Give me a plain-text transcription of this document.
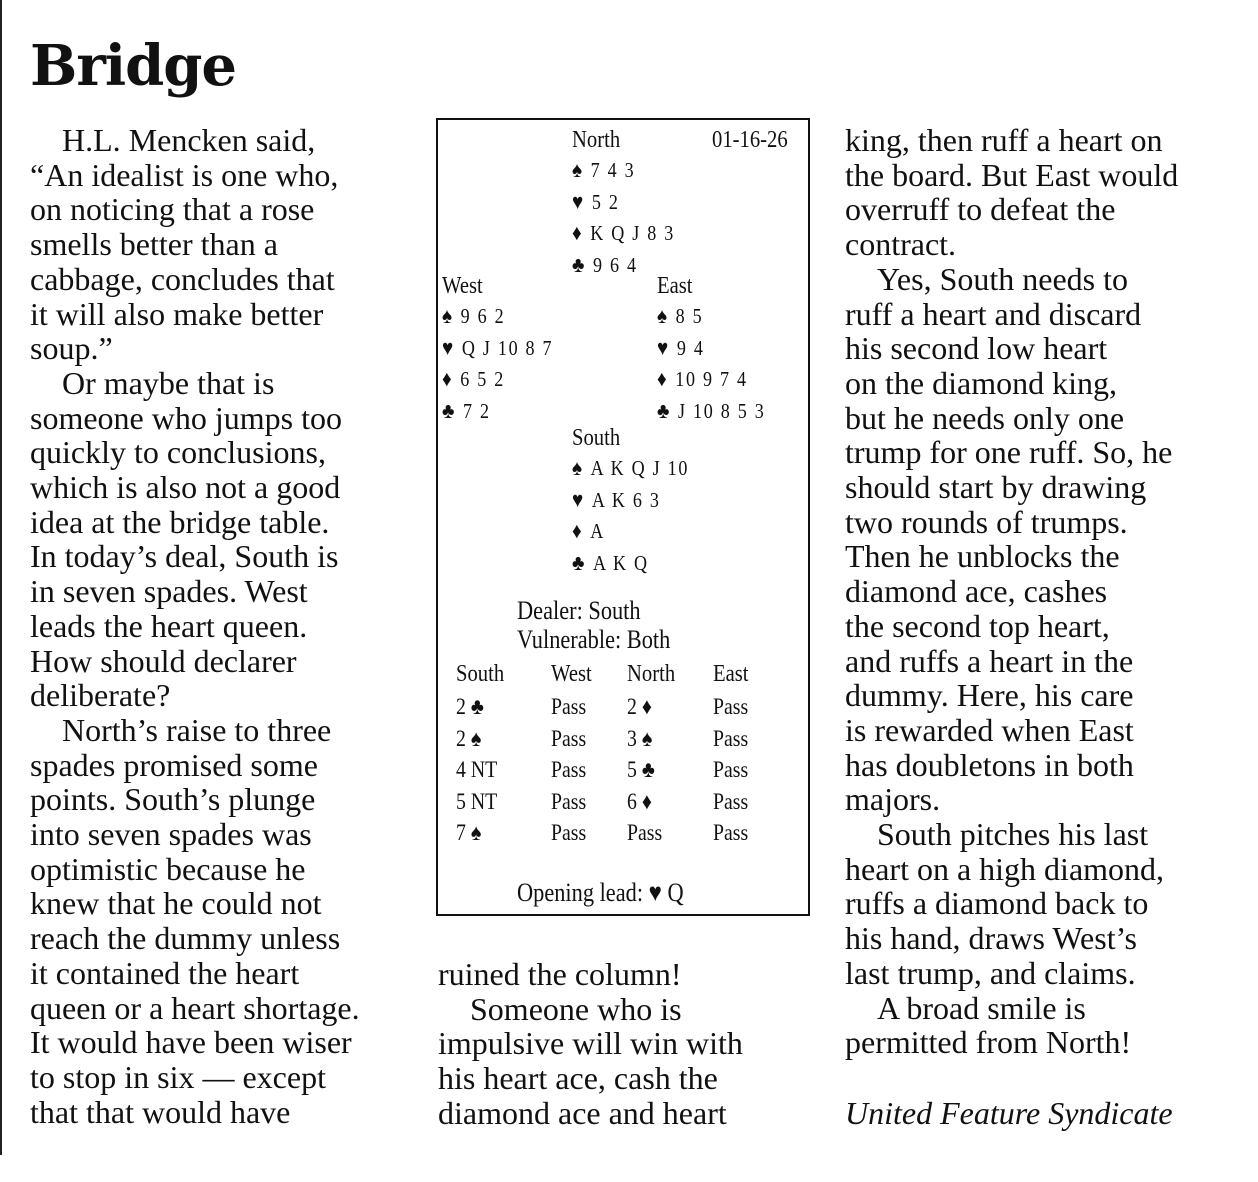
Bridge
H.L. Mencken said,
“An idealist is one who,
on noticing that a rose
smells better than a
cabbage, concludes that
it will also make better
soup.”
Or maybe that is
someone who jumps too
quickly to conclusions,
which is also not a good
idea at the bridge table.
In today’s deal, South is
in seven spades. West
leads the heart queen.
How should declarer
deliberate?
North’s raise to three
spades promised some
points. South’s plunge
into seven spades was
optimistic because he
knew that he could not
reach the dummy unless
it contained the heart
queen or a heart shortage.
It would have been wiser
to stop in six — except
that that would have
ruined the column!
Someone who is
impulsive will win with
his heart ace, cash the
diamond ace and heart
king, then ruff a heart on
the board. But East would
overruff to defeat the
contract.
Yes, South needs to
ruff a heart and discard
his second low heart
on the diamond king,
but he needs only one
trump for one ruff. So, he
should start by drawing
two rounds of trumps.
Then he unblocks the
diamond ace, cashes
the second top heart,
and ruffs a heart in the
dummy. Here, his care
is rewarded when East
has doubletons in both
majors.
South pitches his last
heart on a high diamond,
ruffs a diamond back to
his hand, draws West’s
last trump, and claims.
A broad smile is
permitted from North!
United Feature Syndicate
North	01-16-26
West	East
South
Dealer: South
Vulnerable: Both
South West North East
2 ♣	Pass 2 ♦	Pass
2 ♠	Pass 3 ♠	Pass
4 NT Pass 5 ♣	Pass
5 NT Pass 6 ♦	Pass
7 ♠	Pass Pass Pass
Opening lead: ♥ Q
♠ 7 4 3
♥ 5 2
♦ K Q J 8 3
♣ 9 6 4
♠ 9 6 2
♥ Q J 10 8 7
♦ 6 5 2
♣ 7 2
♠ 8 5
♥ 9 4
♦ 10 9 7 4
♣ J 10 8 5 3
♠ A K Q J 10
♥ A K 6 3
♦ A
♣ A K Q
